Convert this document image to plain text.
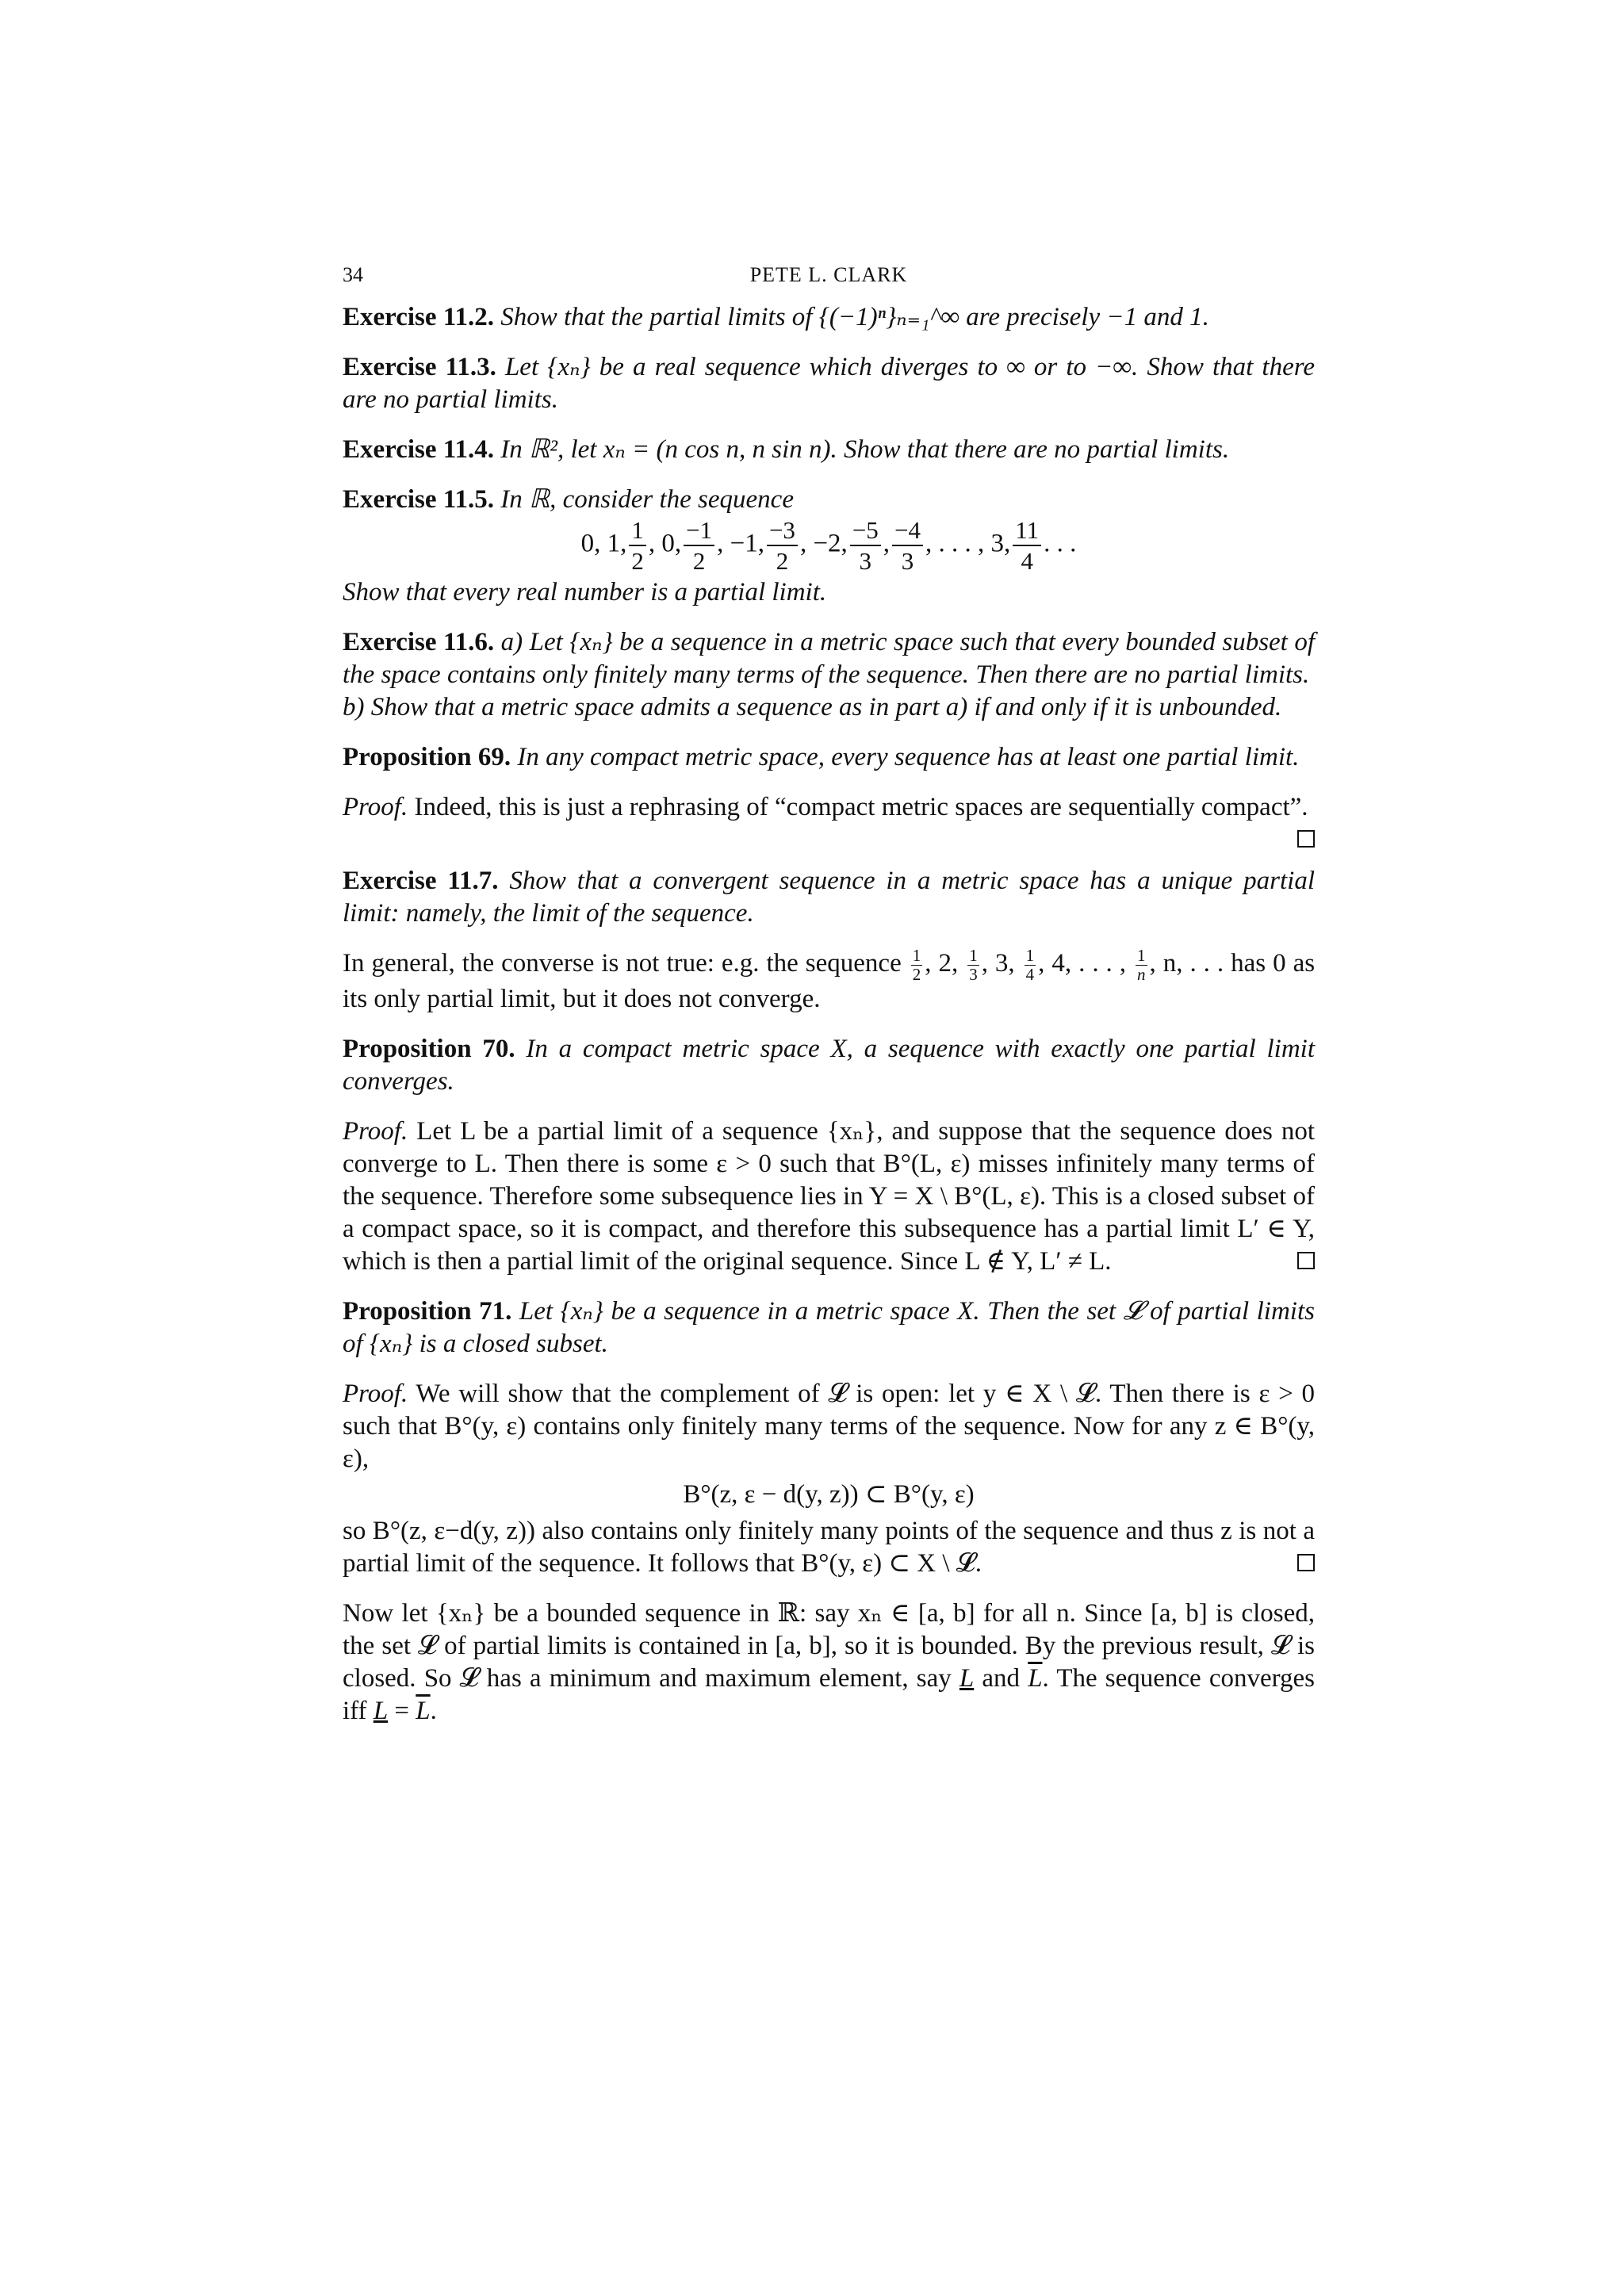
34	PETE L. CLARK

Exercise 11.2. Show that the partial limits of {(−1)ⁿ}ₙ₌₁^∞ are precisely −1 and 1.

Exercise 11.3. Let {xₙ} be a real sequence which diverges to ∞ or to −∞. Show that there are no partial limits.

Exercise 11.4. In ℝ², let xₙ = (n cos n, n sin n). Show that there are no partial limits.

Exercise 11.5. In ℝ, consider the sequence
0, 1, $\frac{1}{2}$ , 0, $\frac{-1}{2}$ , −1, $\frac{-3}{2}$ , −2, $\frac{-5}{3}$ , $\frac{-4}{3}$ , . . . , 3, $\frac{11}{4}$ . . .
Show that every real number is a partial limit.
Exercise 11.6. a) Let {xₙ} be a sequence in a metric space such that every bounded subset of the space contains only finitely many terms of the sequence. Then there are no partial limits.
b) Show that a metric space admits a sequence as in part a) if and only if it is unbounded.

Proposition 69. In any compact metric space, every sequence has at least one partial limit.

Proof. Indeed, this is just a rephrasing of “compact metric spaces are sequentially compact”.

Exercise 11.7. Show that a convergent sequence in a metric space has a unique partial limit: namely, the limit of the sequence.

In general, the converse is not true: e.g. the sequence $\frac{1}{2}$ , 2, $\frac{1}{3}$ , 3, $\frac{1}{4}$ , 4, . . . , $\frac{1}{n}$ , n, . . . has 0 as its only partial limit, but it does not converge.

Proposition 70. In a compact metric space X, a sequence with exactly one partial limit converges.

Proof. Let L be a partial limit of a sequence {xₙ}, and suppose that the sequence does not converge to L. Then there is some ε > 0 such that B°(L, ε) misses infinitely many terms of the sequence. Therefore some subsequence lies in Y = X \ B°(L, ε). This is a closed subset of a compact space, so it is compact, and therefore this subsequence has a partial limit L′ ∈ Y, which is then a partial limit of the original sequence. Since L ∉ Y, L′ ≠ L.

Proposition 71. Let {xₙ} be a sequence in a metric space X. Then the set 𝓛 of partial limits of {xₙ} is a closed subset.

Proof. We will show that the complement of 𝓛 is open: let y ∈ X \ 𝓛. Then there is ε > 0 such that B°(y, ε) contains only finitely many terms of the sequence. Now for any z ∈ B°(y, ε),
B°(z, ε − d(y, z)) ⊂ B°(y, ε)
so B°(z, ε−d(y, z)) also contains only finitely many points of the sequence and thus z is not a partial limit of the sequence. It follows that B°(y, ε) ⊂ X \ 𝓛.

Now let {xₙ} be a bounded sequence in ℝ: say xₙ ∈ [a, b] for all n. Since [a, b] is closed, the set 𝓛 of partial limits is contained in [a, b], so it is bounded. By the previous result, 𝓛 is closed. So 𝓛 has a minimum and maximum element, say L and $\overline{L}$. The sequence converges iff $L = \overline{L}$.
